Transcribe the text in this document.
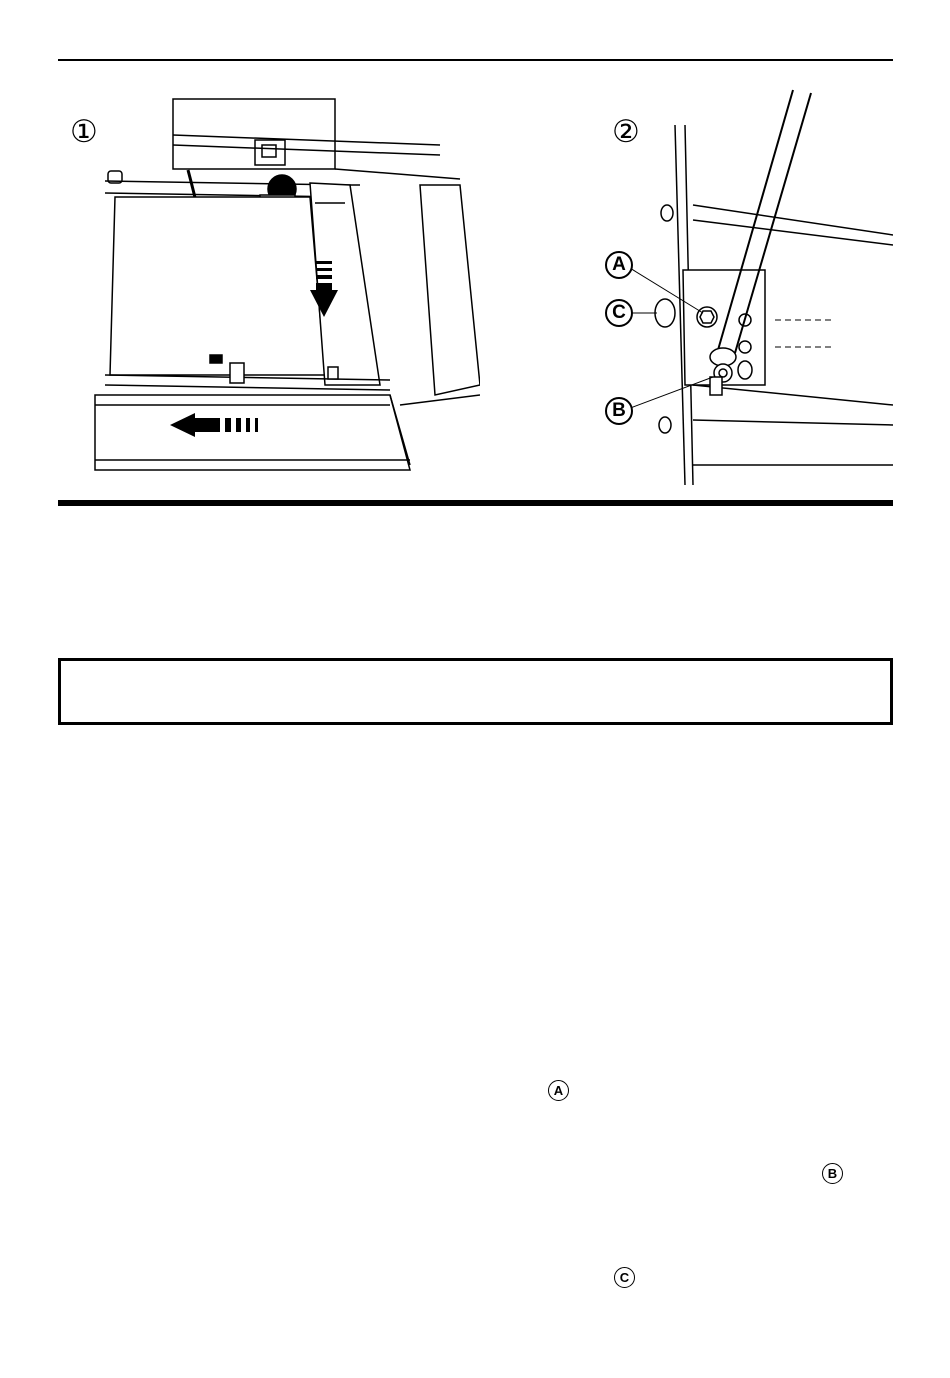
①	②
A
C
B
A
B
C
